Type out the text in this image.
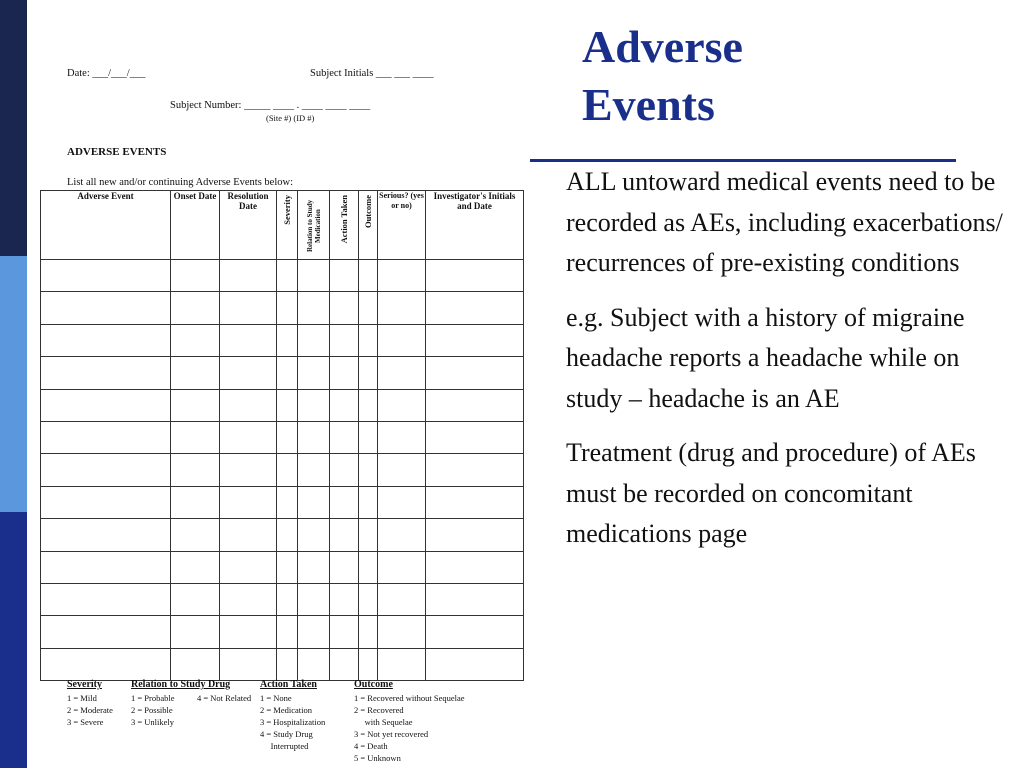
Date: ___/___/___	Subject Initials ___ ___ ____
Subject Number: _____ ____ . ____ ____ ____
(Site #) (ID #)
ADVERSE EVENTS
List all new and/or continuing Adverse Events below:
Adverse Event	Onset Date	Resolution Date	Severity	Relation to Study Medication	Action Taken	Outcome	Serious? (yes or no)	Investigator's Initials and Date

Severity
1 = Mild
2 = Moderate
3 = Severe
Relation to Study Drug
1 = Probable
2 = Possible
3 = Unlikely
4 = Not Related
Action Taken
1 = None
2 = Medication
3 = Hospitalization
4 = Study Drug
Interrupted
Outcome
1 = Recovered without Sequelae
2 = Recovered
with Sequelae
3 = Not yet recovered
4 = Death
5 = Unknown
Adverse
Events

ALL untoward medical events need to be recorded as AEs, including exacerbations/ recurrences of pre-existing conditions

e.g. Subject with a history of migraine headache reports a headache while on study – headache is an AE

Treatment (drug and procedure) of AEs must be recorded on concomitant medications page
